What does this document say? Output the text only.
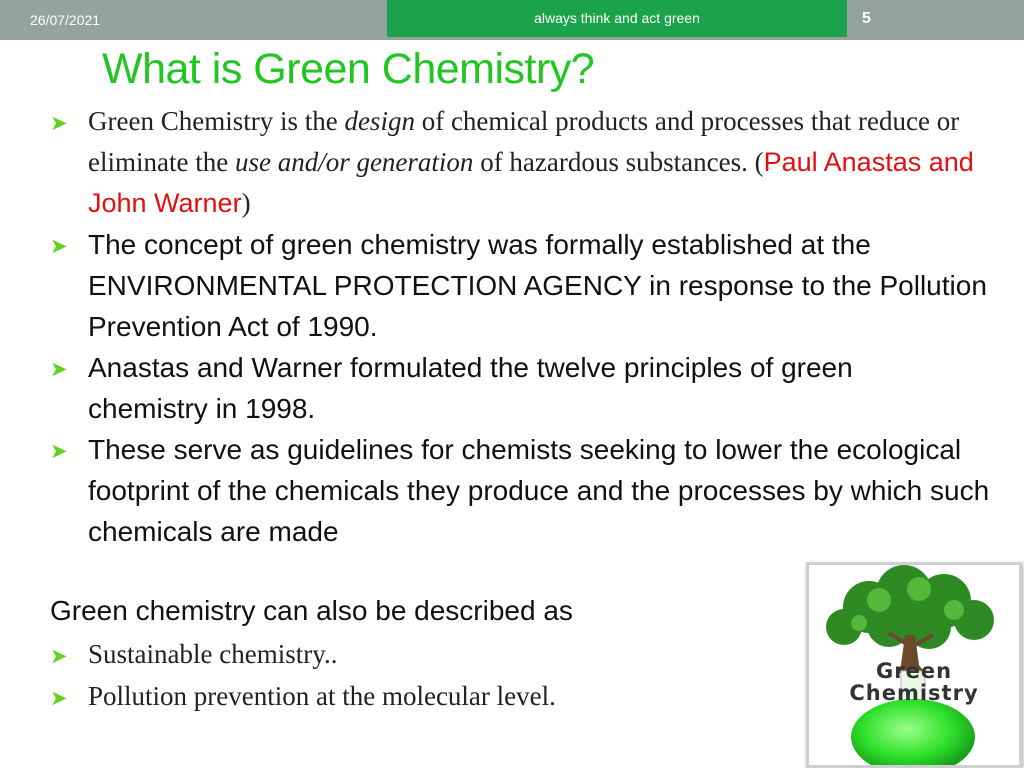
26/07/2021	always think and act green	5
What is Green Chemistry?
➤ Green Chemistry is the design of chemical products and processes that reduce or eliminate the use and/or generation of hazardous substances. (Paul Anastas and John Warner)
➤ The concept of green chemistry was formally established at the ENVIRONMENTAL PROTECTION AGENCY in response to the Pollution Prevention Act of 1990.
➤ Anastas and Warner formulated the twelve principles of green chemistry in 1998.
➤ These serve as guidelines for chemists seeking to lower the ecological footprint of the chemicals they produce and the processes by which such chemicals are made
Green chemistry can also be described as
➤ Sustainable chemistry..
➤ Pollution prevention at the molecular level.
Green
Chemistry
